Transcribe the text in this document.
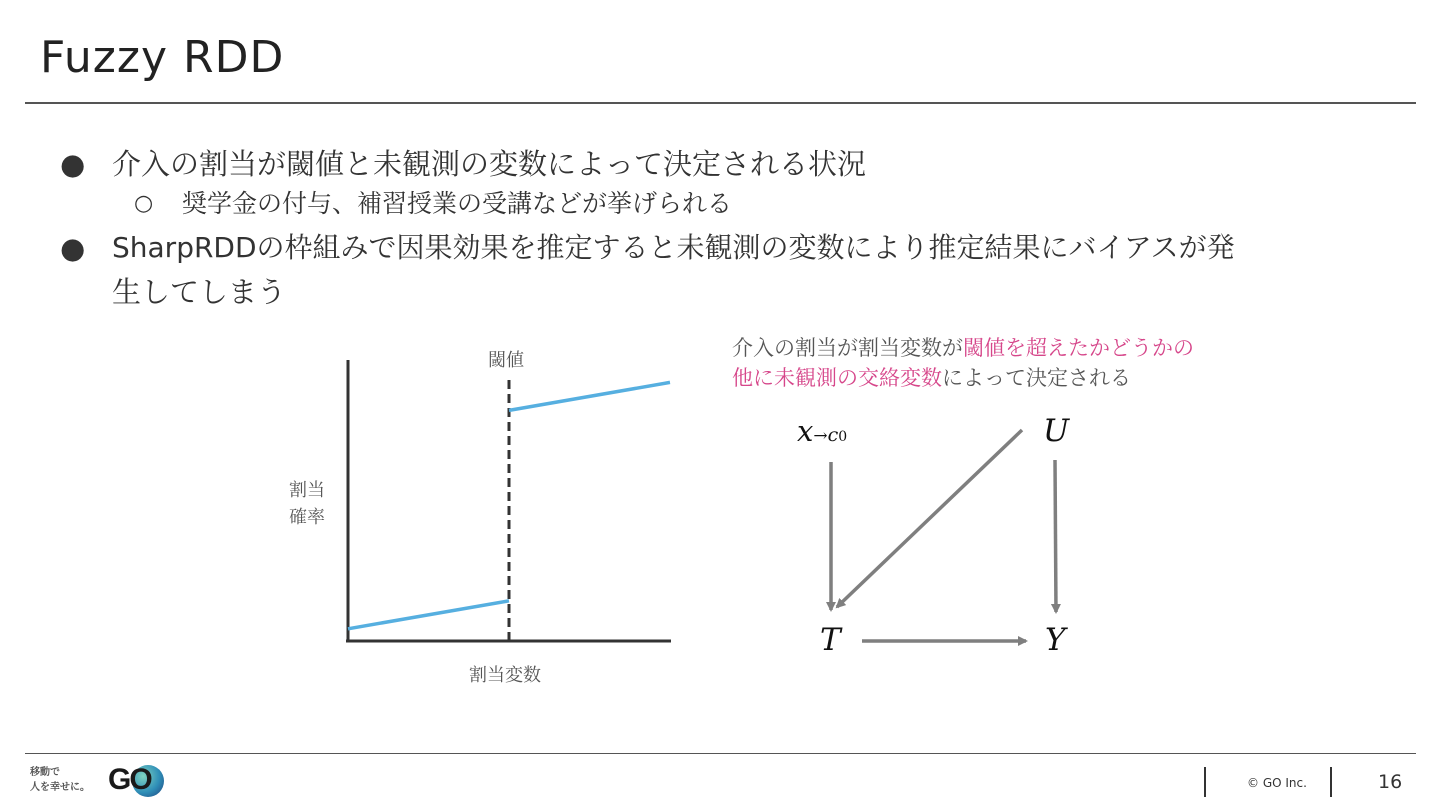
Fuzzy RDD
● 介入の割当が閾値と未観測の変数によって決定される状況
○ 奨学金の付与、補習授業の受講などが挙げられる
● SharpRDDの枠組みで因果効果を推定すると未観測の変数により推定結果にバイアスが発
生してしまう
閾値
割当変数
割当
確率
介入の割当が割当変数が閾値を超えたかどうかの
他に未観測の交絡変数によって決定される
x→c0	U
T	Y
移動で
人を幸せに。 GO	© GO Inc.	16
